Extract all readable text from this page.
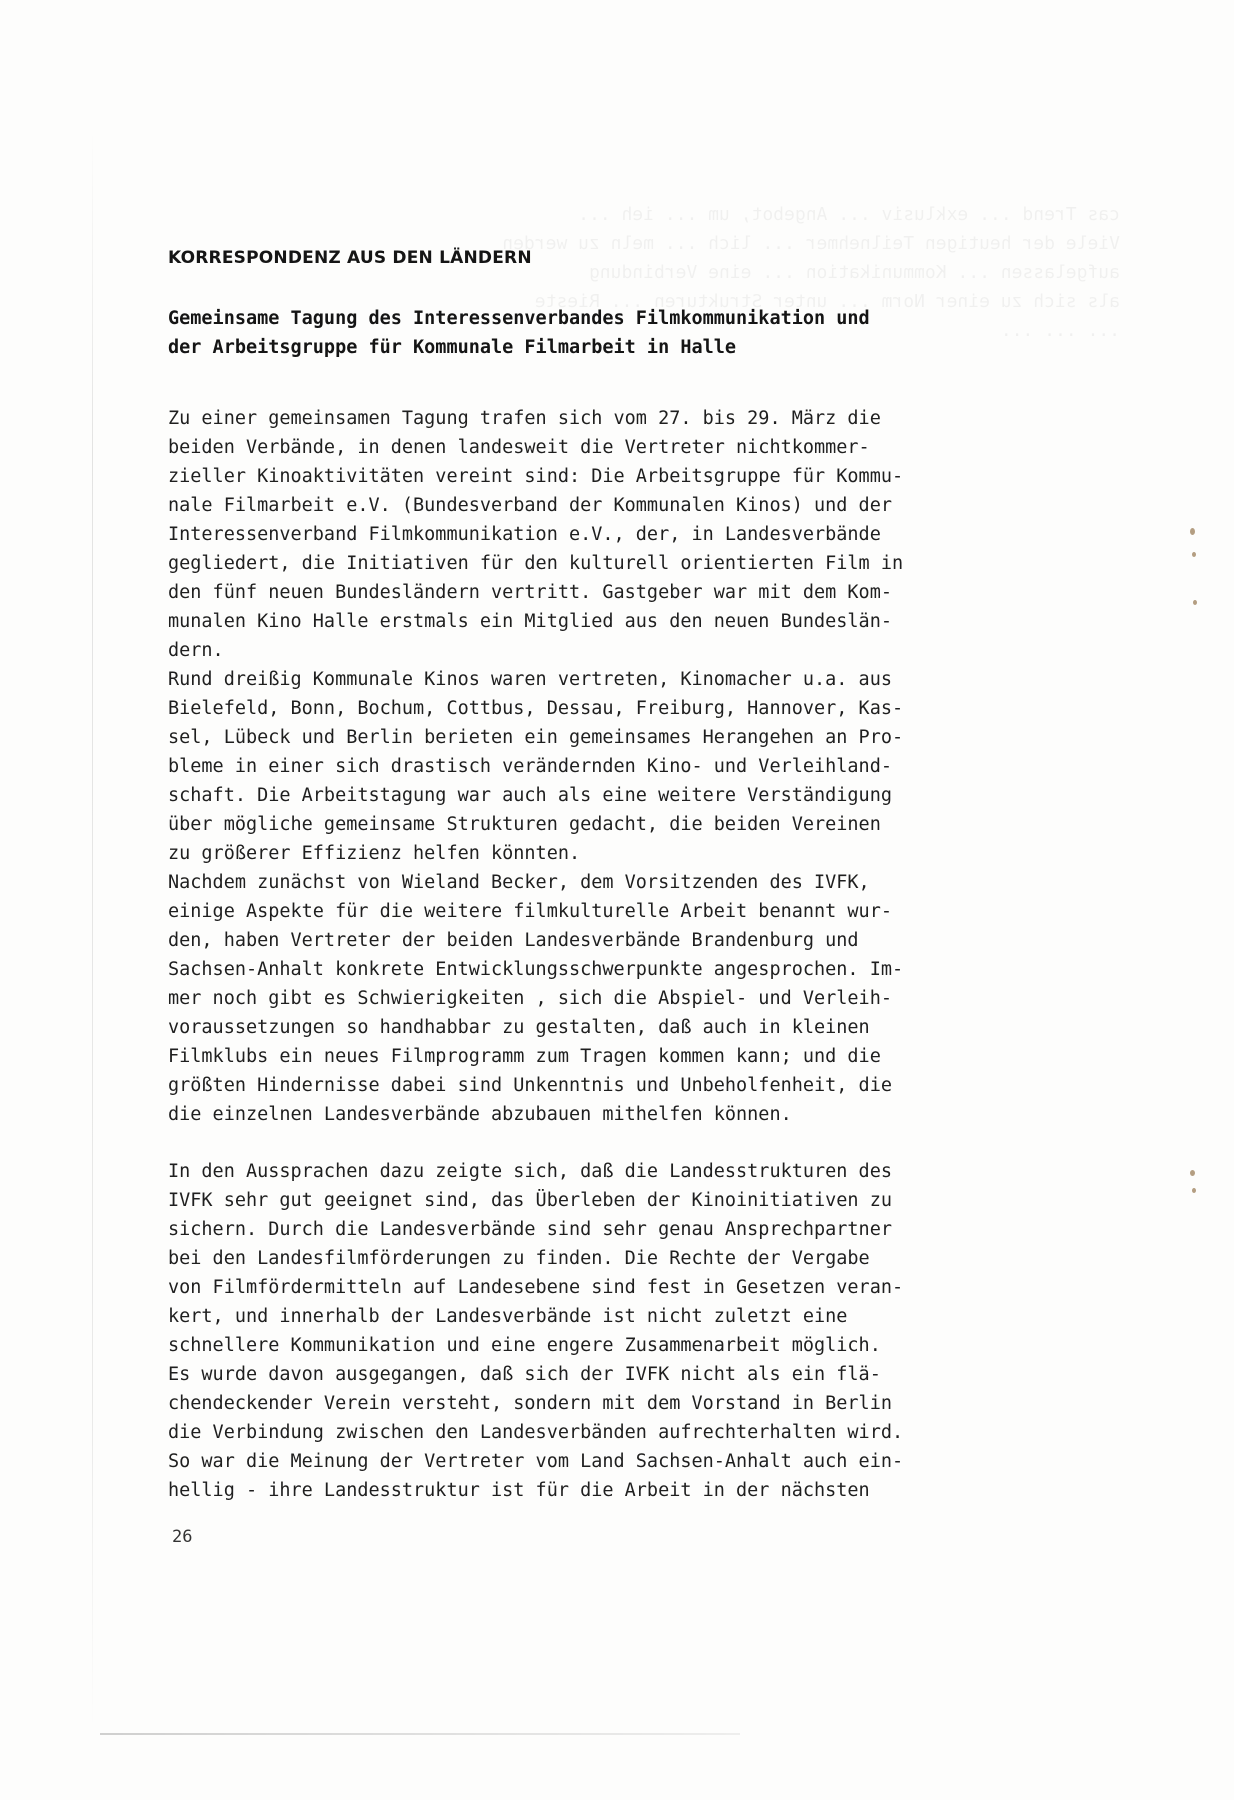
cas Trend ... exklusiv ... Angebot, um ... ieh ...
Viele der heutigen Teilnehmer ... lich ... meln zu werden
aufgelassen ... Kommunikation ... eine Verbindung
als sich zu einer Norm ... unter Strukturen ... Rieste
... ... ...
KORRESPONDENZ AUS DEN LÄNDERN
Gemeinsame Tagung des Interessenverbandes Filmkommunikation und
der Arbeitsgruppe für Kommunale Filmarbeit in Halle
Zu einer gemeinsamen Tagung trafen sich vom 27. bis 29. März die
beiden Verbände, in denen landesweit die Vertreter nichtkommer-
zieller Kinoaktivitäten vereint sind: Die Arbeitsgruppe für Kommu-
nale Filmarbeit e.V. (Bundesverband der Kommunalen Kinos) und der
Interessenverband Filmkommunikation e.V., der, in Landesverbände
gegliedert, die Initiativen für den kulturell orientierten Film in
den fünf neuen Bundesländern vertritt. Gastgeber war mit dem Kom-
munalen Kino Halle erstmals ein Mitglied aus den neuen Bundeslän-
dern.
Rund dreißig Kommunale Kinos waren vertreten, Kinomacher u.a. aus
Bielefeld, Bonn, Bochum, Cottbus, Dessau, Freiburg, Hannover, Kas-
sel, Lübeck und Berlin berieten ein gemeinsames Herangehen an Pro-
bleme in einer sich drastisch verändernden Kino- und Verleihland-
schaft. Die Arbeitstagung war auch als eine weitere Verständigung
über mögliche gemeinsame Strukturen gedacht, die beiden Vereinen
zu größerer Effizienz helfen könnten.
Nachdem zunächst von Wieland Becker, dem Vorsitzenden des IVFK,
einige Aspekte für die weitere filmkulturelle Arbeit benannt wur-
den, haben Vertreter der beiden Landesverbände Brandenburg und
Sachsen-Anhalt konkrete Entwicklungsschwerpunkte angesprochen. Im-
mer noch gibt es Schwierigkeiten , sich die Abspiel- und Verleih-
voraussetzungen so handhabbar zu gestalten, daß auch in kleinen
Filmklubs ein neues Filmprogramm zum Tragen kommen kann; und die
größten Hindernisse dabei sind Unkenntnis und Unbeholfenheit, die
die einzelnen Landesverbände abzubauen mithelfen können.
In den Aussprachen dazu zeigte sich, daß die Landesstrukturen des
IVFK sehr gut geeignet sind, das Überleben der Kinoinitiativen zu
sichern. Durch die Landesverbände sind sehr genau Ansprechpartner
bei den Landesfilmförderungen zu finden. Die Rechte der Vergabe
von Filmfördermitteln auf Landesebene sind fest in Gesetzen veran-
kert, und innerhalb der Landesverbände ist nicht zuletzt eine
schnellere Kommunikation und eine engere Zusammenarbeit möglich.
Es wurde davon ausgegangen, daß sich der IVFK nicht als ein flä-
chendeckender Verein versteht, sondern mit dem Vorstand in Berlin
die Verbindung zwischen den Landesverbänden aufrechterhalten wird.
So war die Meinung der Vertreter vom Land Sachsen-Anhalt auch ein-
hellig - ihre Landesstruktur ist für die Arbeit in der nächsten
26
